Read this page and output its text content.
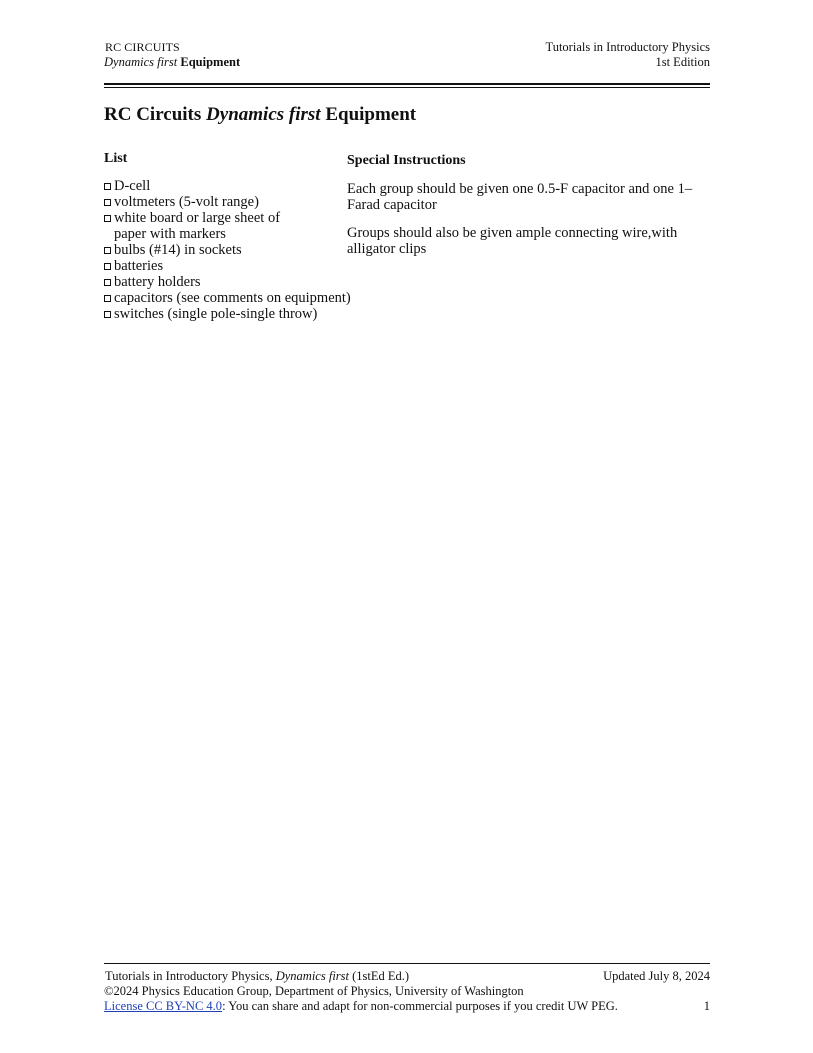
RC CIRCUITS
Dynamics first Equipment
Tutorials in Introductory Physics
1st Edition
RC Circuits Dynamics first Equipment
List
D-cell
voltmeters (5-volt range)
white board or large sheet of
paper with markers
bulbs (#14) in sockets
batteries
battery holders
capacitors (see comments on equipment)
switches (single pole-single throw)
Special Instructions
Each group should be given one 0.5-F capacitor and one 1–Farad capacitor
Groups should also be given ample connecting wire,with alligator clips
Tutorials in Introductory Physics, Dynamics first (1stEd Ed.)	Updated July 8, 2024
©2024 Physics Education Group, Department of Physics, University of Washington
License CC BY-NC 4.0: You can share and adapt for non-commercial purposes if you credit UW PEG.	1
